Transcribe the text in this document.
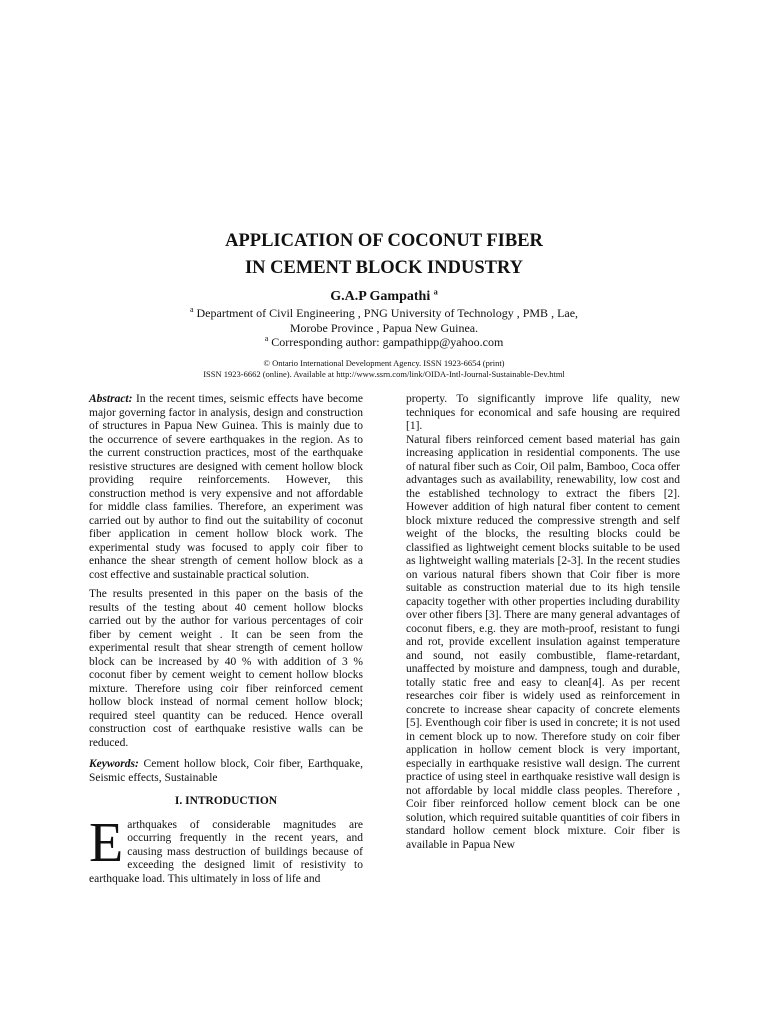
APPLICATION OF COCONUT FIBER
IN CEMENT BLOCK INDUSTRY
G.A.P Gampathi $^a$
$^a$ Department of Civil Engineering , PNG University of Technology , PMB , Lae,
Morobe Province , Papua New Guinea.
$^a$ Corresponding author: gampathipp@yahoo.com
© Ontario International Development Agency. ISSN 1923-6654 (print)
ISSN 1923-6662 (online). Available at http://www.ssrn.com/link/OIDA-Intl-Journal-Sustainable-Dev.html

Abstract: In the recent times, seismic effects have become major governing factor in analysis, design and construction of structures in Papua New Guinea. This is mainly due to the occurrence of severe earthquakes in the region. As to the current construction practices, most of the earthquake resistive structures are designed with cement hollow block providing require reinforcements. However, this construction method is very expensive and not affordable for middle class families. Therefore, an experiment was carried out by author to find out the suitability of coconut fiber application in cement hollow block work. The experimental study was focused to apply coir fiber to enhance the shear strength of cement hollow block as a cost effective and sustainable practical solution.

The results presented in this paper on the basis of the results of the testing about 40 cement hollow blocks carried out by the author for various percentages of coir fiber by cement weight . It can be seen from the experimental result that shear strength of cement hollow block can be increased by 40 % with addition of 3 % coconut fiber by cement weight to cement hollow blocks mixture. Therefore using coir fiber reinforced cement hollow block instead of normal cement hollow block; required steel quantity can be reduced. Hence overall construction cost of earthquake resistive walls can be reduced.

Keywords: Cement hollow block, Coir fiber, Earthquake, Seismic effects, Sustainable

I. INTRODUCTION

Earthquakes of considerable magnitudes are occurring frequently in the recent years, and causing mass destruction of buildings because of exceeding the designed limit of resistivity to earthquake load. This ultimately in loss of life and

property. To significantly improve life quality, new techniques for economical and safe housing are required [1].

Natural fibers reinforced cement based material has gain increasing application in residential components. The use of natural fiber such as Coir, Oil palm, Bamboo, Coca offer advantages such as availability, renewability, low cost and the established technology to extract the fibers [2]. However addition of high natural fiber content to cement block mixture reduced the compressive strength and self weight of the blocks, the resulting blocks could be classified as lightweight cement blocks suitable to be used as lightweight walling materials [2-3]. In the recent studies on various natural fibers shown that Coir fiber is more suitable as construction material due to its high tensile capacity together with other properties including durability over other fibers [3]. There are many general advantages of coconut fibers, e.g. they are moth-proof, resistant to fungi and rot, provide excellent insulation against temperature and sound, not easily combustible, flame-retardant, unaffected by moisture and dampness, tough and durable, totally static free and easy to clean[4]. As per recent researches coir fiber is widely used as reinforcement in concrete to increase shear capacity of concrete elements [5]. Eventhough coir fiber is used in concrete; it is not used in cement block up to now. Therefore study on coir fiber application in hollow cement block is very important, especially in earthquake resistive wall design. The current practice of using steel in earthquake resistive wall design is not affordable by local middle class peoples. Therefore , Coir fiber reinforced hollow cement block can be one solution, which required suitable quantities of coir fibers in standard hollow cement block mixture. Coir fiber is available in Papua New
